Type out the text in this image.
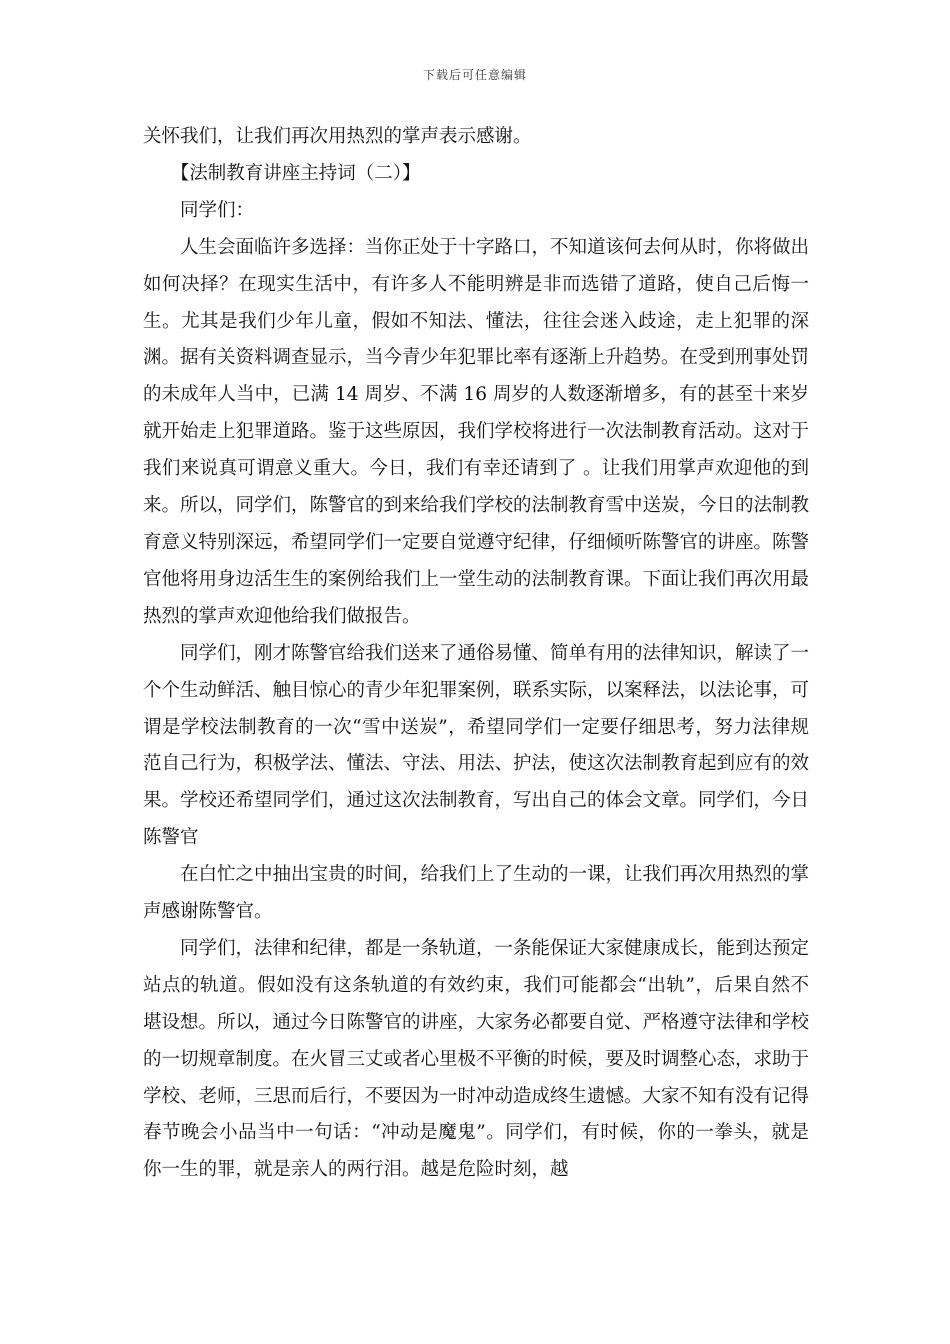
下载后可任意编辑

关怀我们，让我们再次用热烈的掌声表示感谢。

【法制教育讲座主持词（二）】

同学们：

人生会面临许多选择：当你正处于十字路口，不知道该何去何从时，你将做出如何决择？在现实生活中，有许多人不能明辨是非而选错了道路，使自己后悔一生。尤其是我们少年儿童，假如不知法、懂法，往往会迷入歧途，走上犯罪的深渊。据有关资料调查显示，当今青少年犯罪比率有逐渐上升趋势。在受到刑事处罚的未成年人当中，已满 14 周岁、不满 16 周岁的人数逐渐增多，有的甚至十来岁就开始走上犯罪道路。鉴于这些原因，我们学校将进行一次法制教育活动。这对于我们来说真可谓意义重大。今日，我们有幸还请到了 。让我们用掌声欢迎他的到来。所以，同学们，陈警官的到来给我们学校的法制教育雪中送炭，今日的法制教育意义特别深远，希望同学们一定要自觉遵守纪律，仔细倾听陈警官的讲座。陈警官他将用身边活生生的案例给我们上一堂生动的法制教育课。下面让我们再次用最热烈的掌声欢迎他给我们做报告。

同学们，刚才陈警官给我们送来了通俗易懂、简单有用的法律知识，解读了一个个生动鲜活、触目惊心的青少年犯罪案例，联系实际，以案释法，以法论事，可谓是学校法制教育的一次“雪中送炭”，希望同学们一定要仔细思考，努力法律规范自己行为，积极学法、懂法、守法、用法、护法，使这次法制教育起到应有的效果。学校还希望同学们，通过这次法制教育，写出自己的体会文章。同学们，今日陈警官

在白忙之中抽出宝贵的时间，给我们上了生动的一课，让我们再次用热烈的掌声感谢陈警官。

同学们，法律和纪律，都是一条轨道，一条能保证大家健康成长，能到达预定站点的轨道。假如没有这条轨道的有效约束，我们可能都会“出轨”，后果自然不堪设想。所以，通过今日陈警官的讲座，大家务必都要自觉、严格遵守法律和学校的一切规章制度。在火冒三丈或者心里极不平衡的时候，要及时调整心态，求助于学校、老师，三思而后行，不要因为一时冲动造成终生遗憾。大家不知有没有记得春节晚会小品当中一句话：“冲动是魔鬼”。同学们，有时候，你的一拳头，就是你一生的罪，就是亲人的两行泪。越是危险时刻，越
